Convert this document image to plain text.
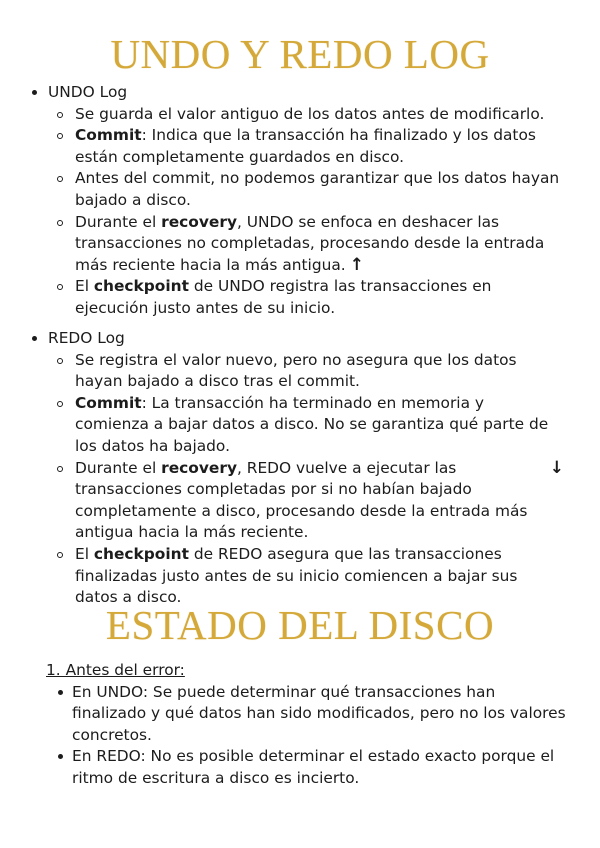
UNDO Y REDO LOG
UNDO Log
Se guarda el valor antiguo de los datos antes de modificarlo.
Commit: Indica que la transacción ha finalizado y los datos están completamente guardados en disco.
Antes del commit, no podemos garantizar que los datos hayan bajado a disco.
Durante el recovery, UNDO se enfoca en deshacer las transacciones no completadas, procesando desde la entrada más reciente hacia la más antigua. ↑
El checkpoint de UNDO registra las transacciones en ejecución justo antes de su inicio.
REDO Log
Se registra el valor nuevo, pero no asegura que los datos hayan bajado a disco tras el commit.
Commit: La transacción ha terminado en memoria y comienza a bajar datos a disco. No se garantiza qué parte de los datos ha bajado.
↓
Durante el recovery, REDO vuelve a ejecutar las transacciones completadas por si no habían bajado completamente a disco, procesando desde la entrada más antigua hacia la más reciente.
El checkpoint de REDO asegura que las transacciones finalizadas justo antes de su inicio comiencen a bajar sus datos a disco.
ESTADO DEL DISCO
1. Antes del error:
En UNDO: Se puede determinar qué transacciones han finalizado y qué datos han sido modificados, pero no los valores concretos.
En REDO: No es posible determinar el estado exacto porque el ritmo de escritura a disco es incierto.
